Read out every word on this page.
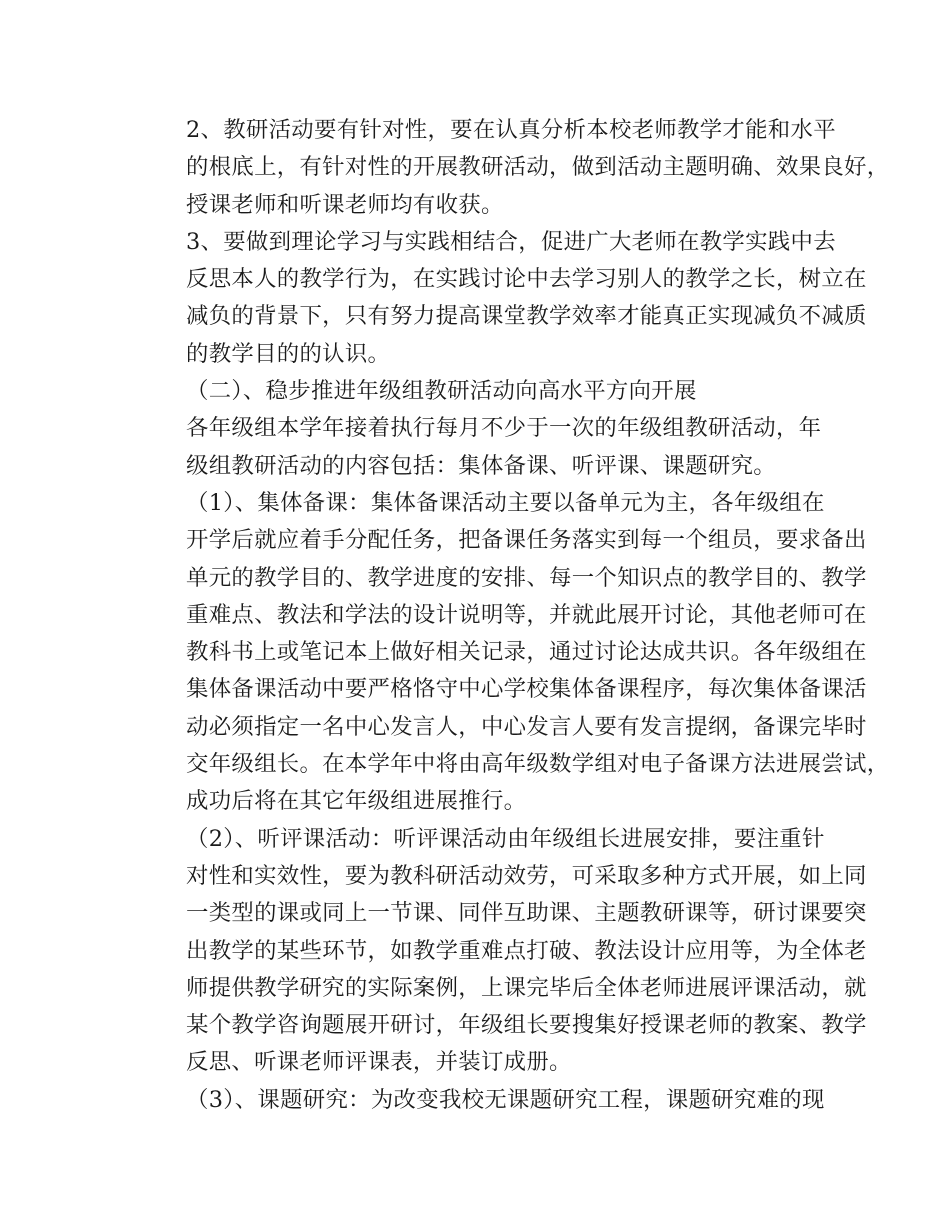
2、教研活动要有针对性，要在认真分析本校老师教学才能和水平
的根底上，有针对性的开展教研活动，做到活动主题明确、效果良好，
授课老师和听课老师均有收获。
3、要做到理论学习与实践相结合，促进广大老师在教学实践中去
反思本人的教学行为，在实践讨论中去学习别人的教学之长，树立在
减负的背景下，只有努力提高课堂教学效率才能真正实现减负不减质
的教学目的的认识。
（二）、稳步推进年级组教研活动向高水平方向开展
各年级组本学年接着执行每月不少于一次的年级组教研活动，年
级组教研活动的内容包括：集体备课、听评课、课题研究。
（1）、集体备课：集体备课活动主要以备单元为主，各年级组在
开学后就应着手分配任务，把备课任务落实到每一个组员，要求备出
单元的教学目的、教学进度的安排、每一个知识点的教学目的、教学
重难点、教法和学法的设计说明等，并就此展开讨论，其他老师可在
教科书上或笔记本上做好相关记录，通过讨论达成共识。各年级组在
集体备课活动中要严格恪守中心学校集体备课程序，每次集体备课活
动必须指定一名中心发言人，中心发言人要有发言提纲，备课完毕时
交年级组长。在本学年中将由高年级数学组对电子备课方法进展尝试，
成功后将在其它年级组进展推行。
（2）、听评课活动：听评课活动由年级组长进展安排，要注重针
对性和实效性，要为教科研活动效劳，可采取多种方式开展，如上同
一类型的课或同上一节课、同伴互助课、主题教研课等，研讨课要突
出教学的某些环节，如教学重难点打破、教法设计应用等，为全体老
师提供教学研究的实际案例，上课完毕后全体老师进展评课活动，就
某个教学咨询题展开研讨，年级组长要搜集好授课老师的教案、教学
反思、听课老师评课表，并装订成册。
（3）、课题研究：为改变我校无课题研究工程，课题研究难的现
